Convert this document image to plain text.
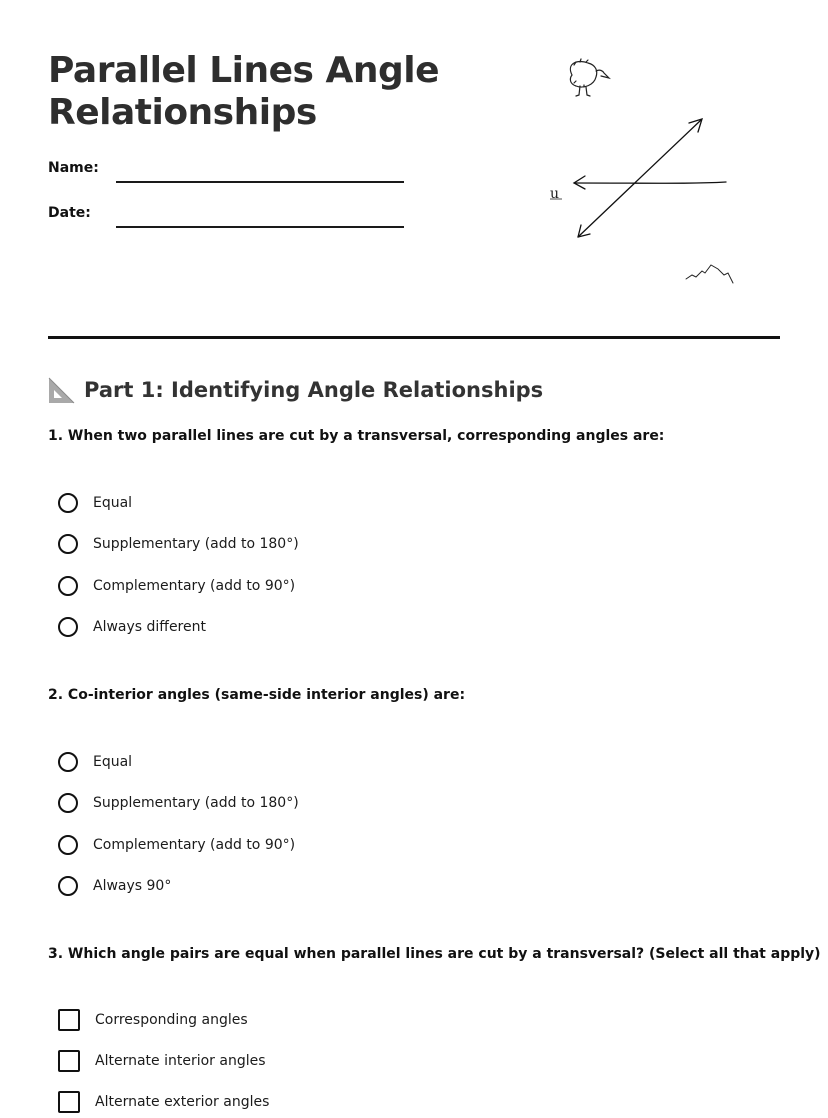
Parallel Lines Angle Relationships
Name:
Date:
u
Part 1: Identifying Angle Relationships

1. When two parallel lines are cut by a transversal, corresponding angles are:

Equal
Supplementary (add to 180°)
Complementary (add to 90°)
Always different

2. Co-interior angles (same-side interior angles) are:

Equal
Supplementary (add to 180°)
Complementary (add to 90°)
Always 90°

3. Which angle pairs are equal when parallel lines are cut by a transversal? (Select all that apply)

Corresponding angles
Alternate interior angles
Alternate exterior angles
